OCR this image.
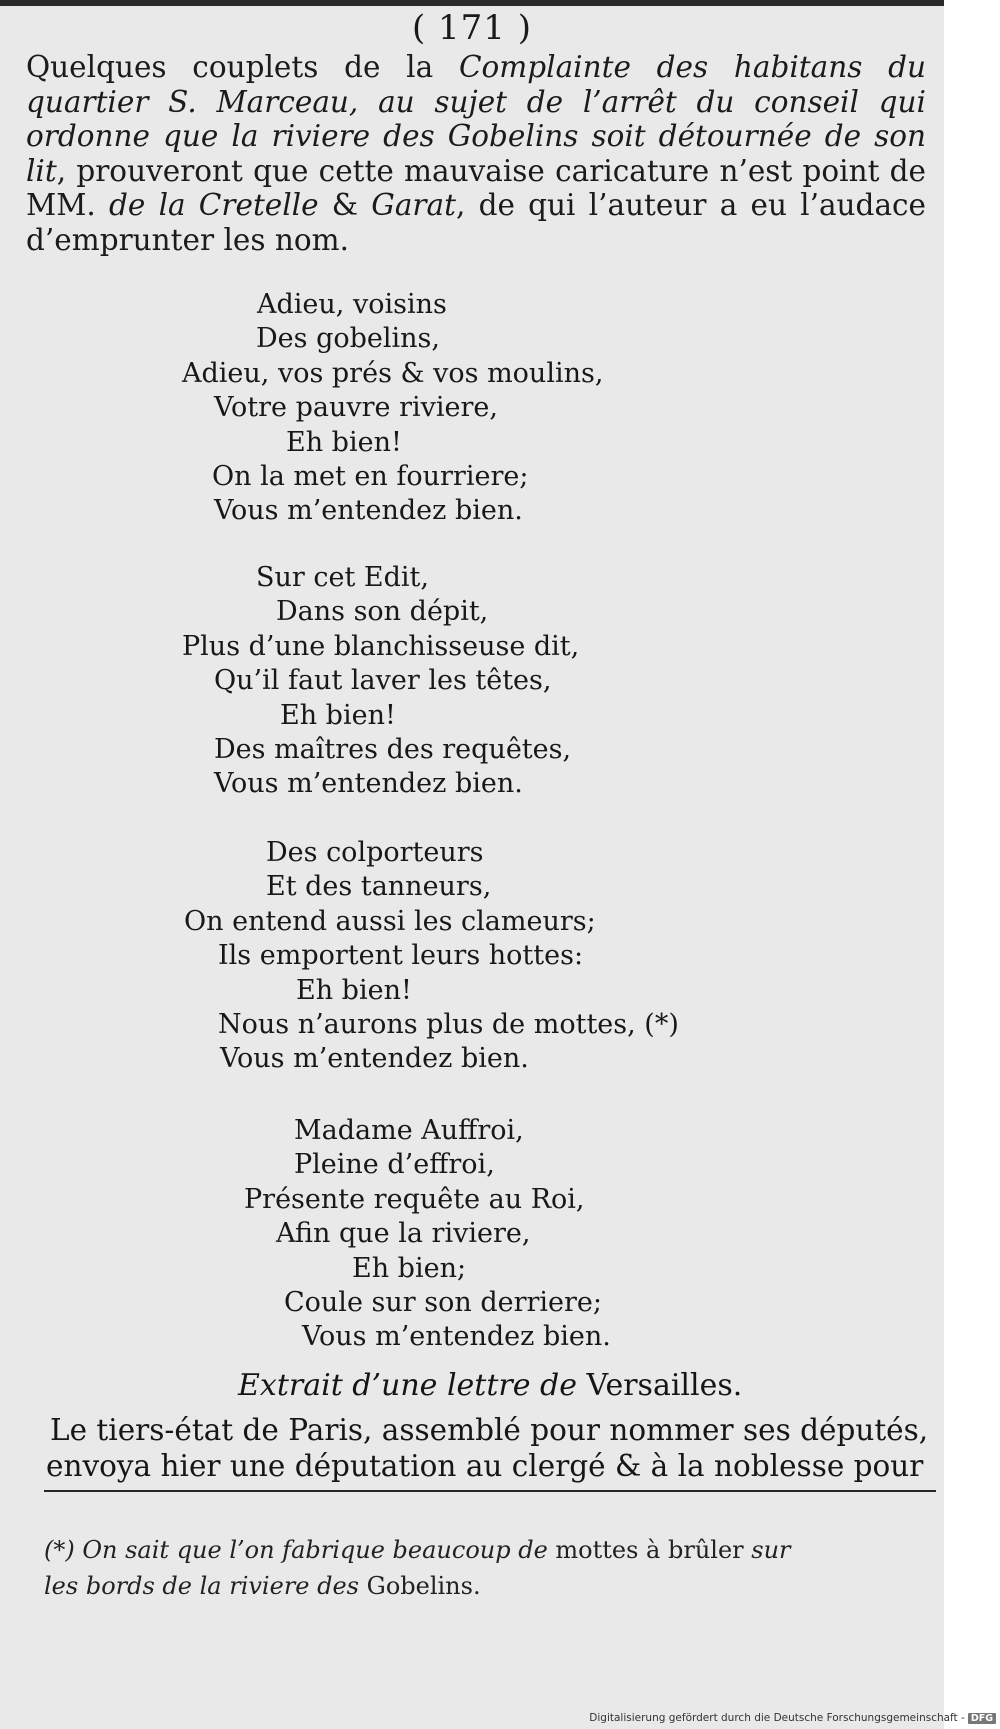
( 171 )
Quelques couplets de la Complainte des habitans du quartier S. Marceau, au sujet de l’arrêt du conseil qui ordonne que la riviere des Gobelins soit détournée de son lit, prouveront que cette mauvaise caricature n’est point de MM. de la Cretelle & Garat, de qui l’auteur a eu l’audace d’emprunter les nom.
Adieu, voisins
Des gobelins,
Adieu, vos prés & vos moulins,
Votre pauvre riviere,
Eh bien!
On la met en fourriere;
Vous m’entendez bien.
Sur cet Edit,
Dans son dépit,
Plus d’une blanchisseuse dit,
Qu’il faut laver les têtes,
Eh bien!
Des maîtres des requêtes,
Vous m’entendez bien.
Des colporteurs
Et des tanneurs,
On entend aussi les clameurs;
Ils emportent leurs hottes:
Eh bien!
Nous n’aurons plus de mottes, (*)
Vous m’entendez bien.
Madame Auffroi,
Pleine d’effroi,
Présente requête au Roi,
Afin que la riviere,
Eh bien;
Coule sur son derriere;
Vous m’entendez bien.
Extrait d’une lettre de Versailles.
Le tiers-état de Paris, assemblé pour nommer ses députés,
envoya hier une députation au clergé & à la noblesse pour
(*) On sait que l’on fabrique beaucoup de mottes à brûler sur
les bords de la riviere des Gobelins.
Digitalisierung gefördert durch die Deutsche Forschungsgemeinschaft - DFG
